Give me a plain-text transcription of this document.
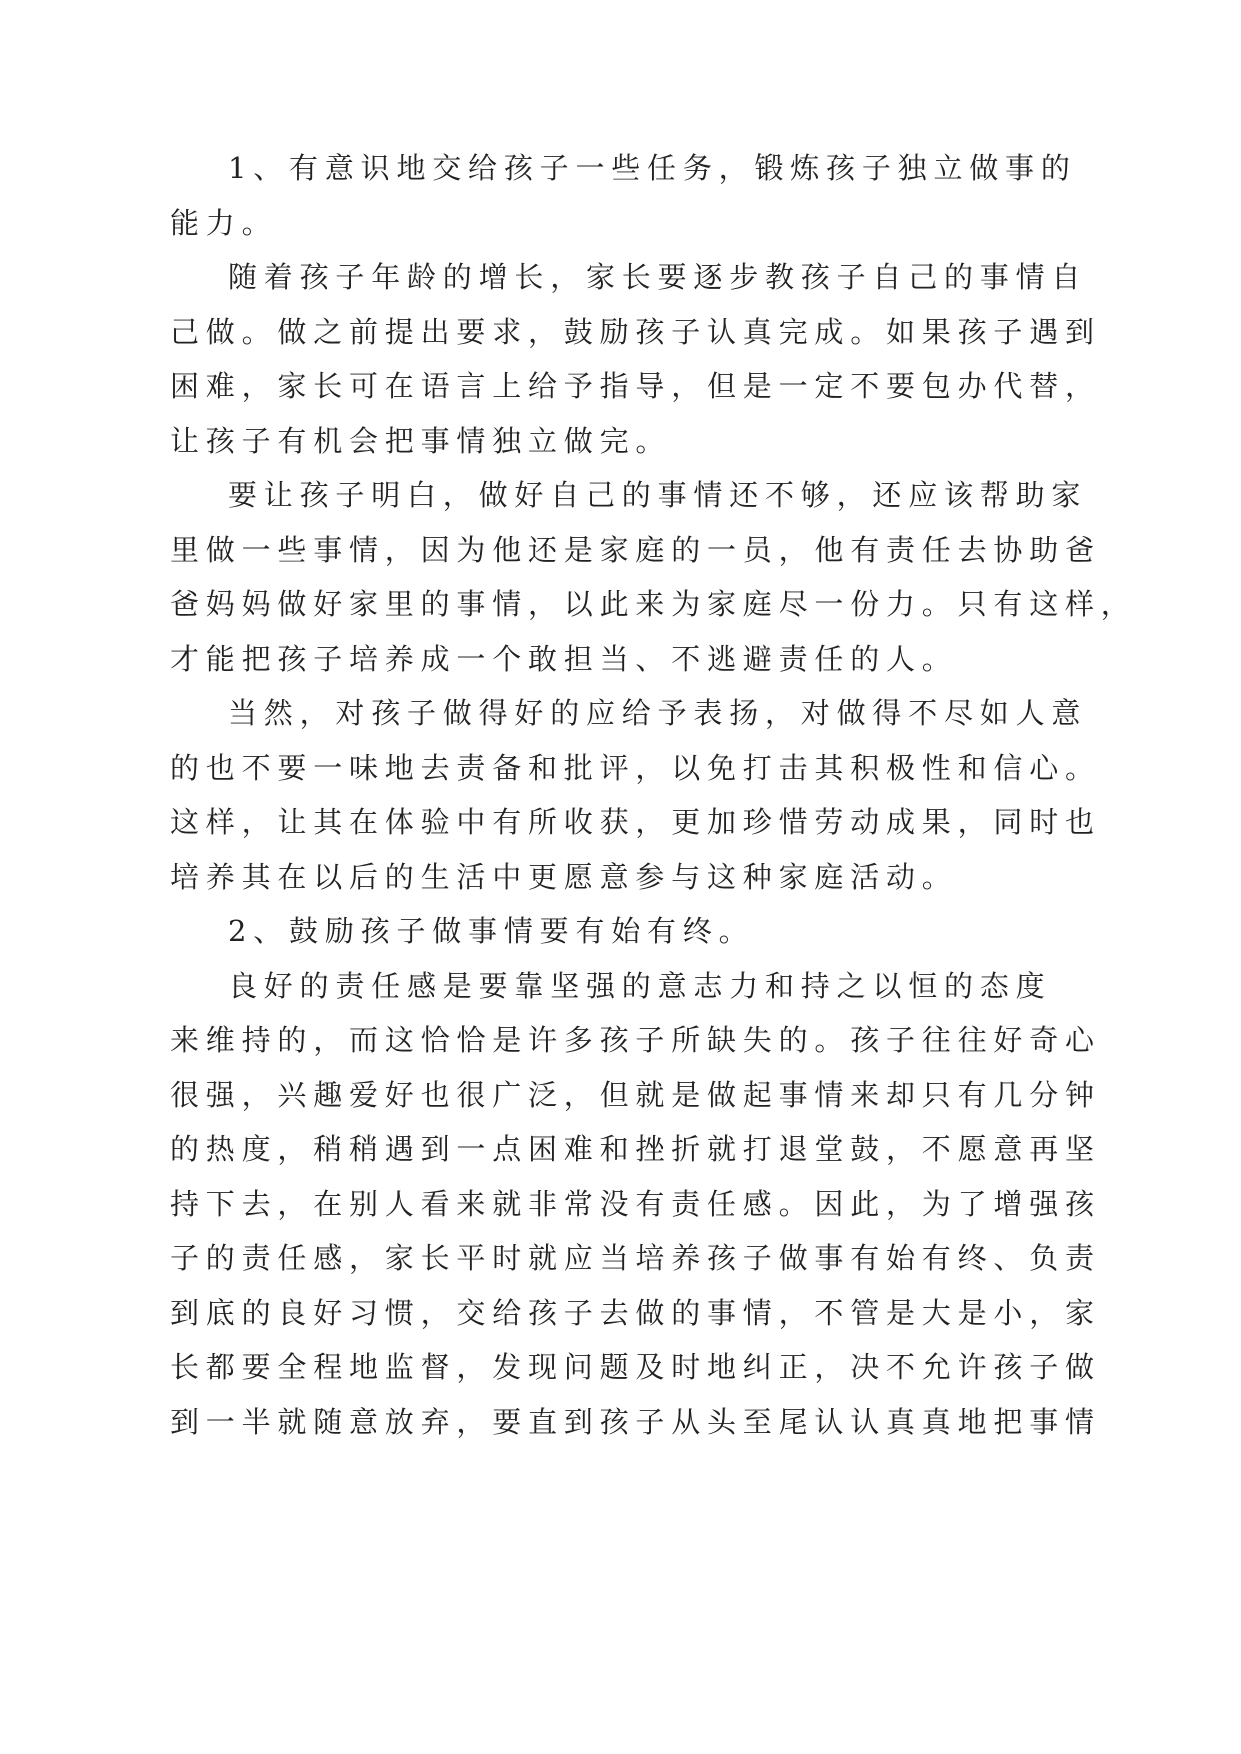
1、有意识地交给孩子一些任务，锻炼孩子独立做事的
能力。
随着孩子年龄的增长，家长要逐步教孩子自己的事情自
己做。做之前提出要求，鼓励孩子认真完成。如果孩子遇到
困难，家长可在语言上给予指导，但是一定不要包办代替，
让孩子有机会把事情独立做完。
要让孩子明白，做好自己的事情还不够，还应该帮助家
里做一些事情，因为他还是家庭的一员，他有责任去协助爸
爸妈妈做好家里的事情，以此来为家庭尽一份力。只有这样，
才能把孩子培养成一个敢担当、不逃避责任的人。
当然，对孩子做得好的应给予表扬，对做得不尽如人意
的也不要一味地去责备和批评，以免打击其积极性和信心。
这样，让其在体验中有所收获，更加珍惜劳动成果，同时也
培养其在以后的生活中更愿意参与这种家庭活动。
2、鼓励孩子做事情要有始有终。
良好的责任感是要靠坚强的意志力和持之以恒的态度
来维持的，而这恰恰是许多孩子所缺失的。孩子往往好奇心
很强，兴趣爱好也很广泛，但就是做起事情来却只有几分钟
的热度，稍稍遇到一点困难和挫折就打退堂鼓，不愿意再坚
持下去，在别人看来就非常没有责任感。因此，为了增强孩
子的责任感，家长平时就应当培养孩子做事有始有终、负责
到底的良好习惯，交给孩子去做的事情，不管是大是小，家
长都要全程地监督，发现问题及时地纠正，决不允许孩子做
到一半就随意放弃，要直到孩子从头至尾认认真真地把事情
